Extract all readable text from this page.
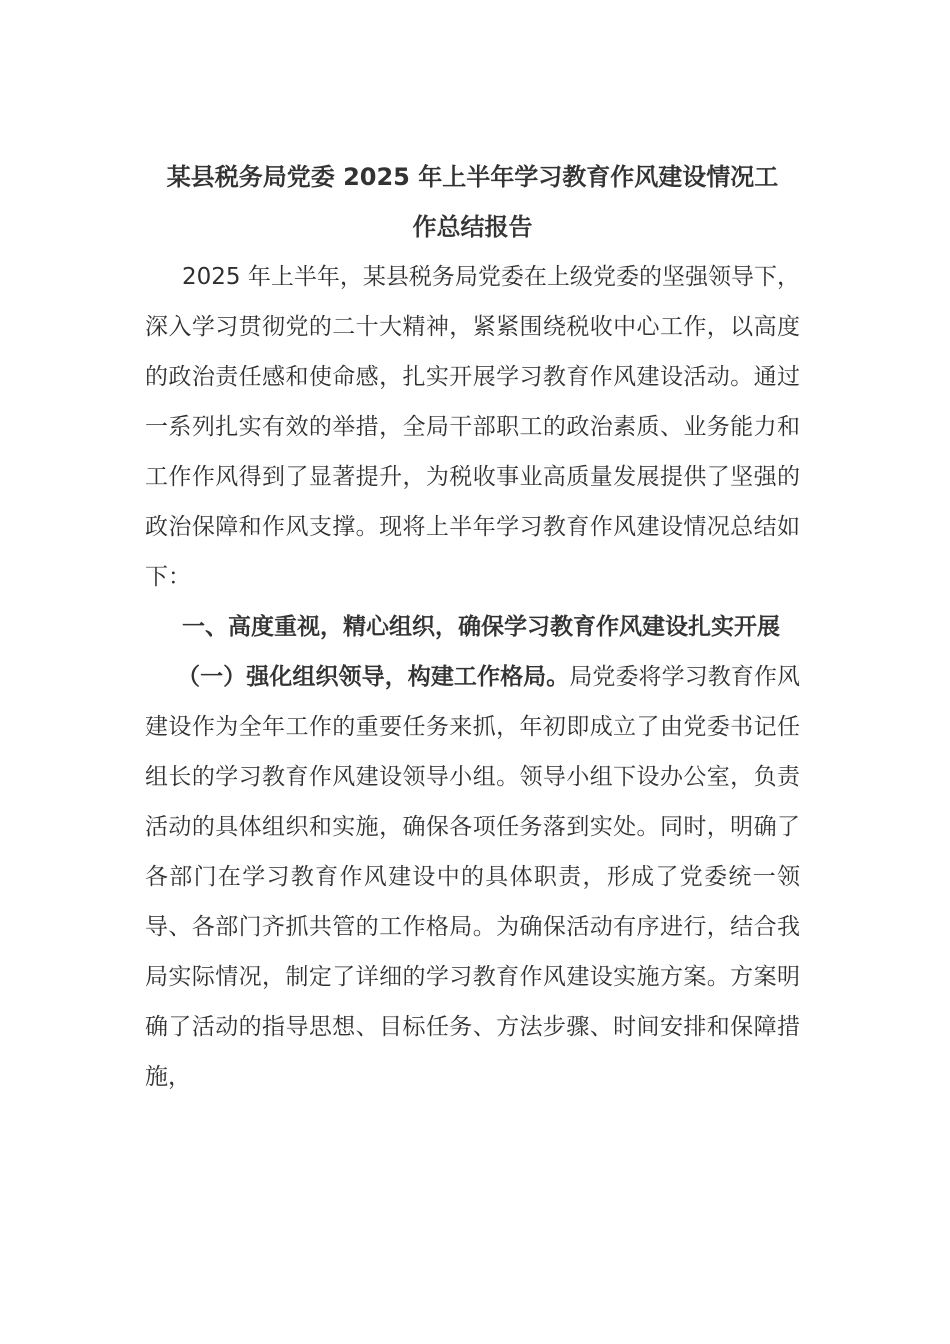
某县税务局党委 2025 年上半年学习教育作风建设情况工
作总结报告

2025 年上半年，某县税务局党委在上级党委的坚强领导下，深入学习贯彻党的二十大精神，紧紧围绕税收中心工作，以高度的政治责任感和使命感，扎实开展学习教育作风建设活动。通过一系列扎实有效的举措，全局干部职工的政治素质、业务能力和工作作风得到了显著提升，为税收事业高质量发展提供了坚强的政治保障和作风支撑。现将上半年学习教育作风建设情况总结如下：

一、高度重视，精心组织，确保学习教育作风建设扎实开展

（一）强化组织领导，构建工作格局。局党委将学习教育作风建设作为全年工作的重要任务来抓，年初即成立了由党委书记任组长的学习教育作风建设领导小组。领导小组下设办公室，负责活动的具体组织和实施，确保各项任务落到实处。同时，明确了各部门在学习教育作风建设中的具体职责，形成了党委统一领导、各部门齐抓共管的工作格局。为确保活动有序进行，结合我局实际情况，制定了详细的学习教育作风建设实施方案。方案明确了活动的指导思想、目标任务、方法步骤、时间安排和保障措施，
